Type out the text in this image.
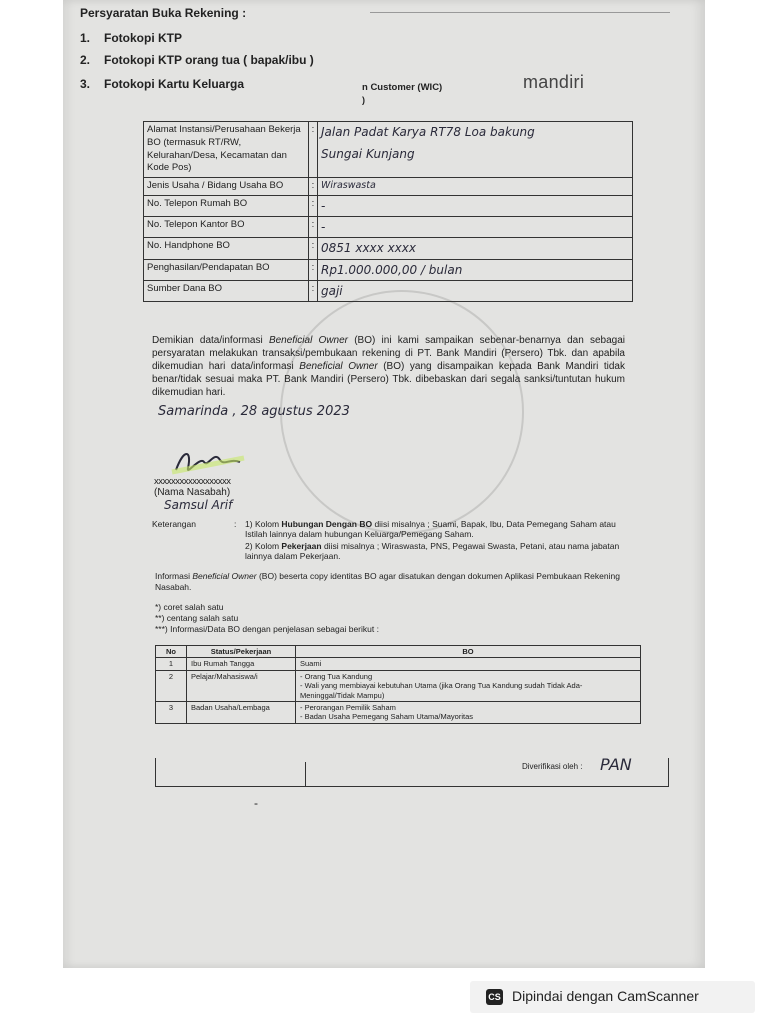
Persyaratan Buka Rekening :
1. Fotokopi KTP
2. Fotokopi KTP orang tua ( bapak/ibu )
3. Fotokopi Kartu Keluarga	n Customer (WIC)
)
mandiri
Alamat Instansi/Perusahaan Bekerja BO (termasuk RT/RW, Kelurahan/Desa, Kecamatan dan Kode Pos)	:	Jalan Padat Karya RT78 Loa bakung
Sungai Kunjang

Jenis Usaha / Bidang Usaha BO	:	Wiraswasta
No. Telepon Rumah BO	:	-
No. Telepon Kantor BO	:	-
No. Handphone BO	:	0851 xxxx xxxx
Penghasilan/Pendapatan BO	:	Rp1.000.000,00 / bulan
Sumber Dana BO	:	gaji
Demikian data/informasi Beneficial Owner (BO) ini kami sampaikan sebenar-benarnya dan sebagai persyaratan melakukan transaksi/pembukaan rekening di PT. Bank Mandiri (Persero) Tbk. dan apabila dikemudian hari data/informasi Beneficial Owner (BO) yang disampaikan kepada Bank Mandiri tidak benar/tidak sesuai maka PT. Bank Mandiri (Persero) Tbk. dibebaskan dari segala sanksi/tuntutan hukum dikemudian hari.
Samarinda , 28 agustus 2023
xxxxxxxxxxxxxxxxxx
(Nama Nasabah)
Samsul Arif
Keterangan	: 1) Kolom Hubungan Dengan BO diisi misalnya ; Suami, Bapak, Ibu, Data Pemegang Saham atau Istilah lainnya dalam hubungan Keluarga/Pemegang Saham.
2) Kolom Pekerjaan diisi misalnya ; Wiraswasta, PNS, Pegawai Swasta, Petani, atau nama jabatan lainnya dalam Pekerjaan.
Informasi Beneficial Owner (BO) beserta copy identitas BO agar disatukan dengan dokumen Aplikasi Pembukaan Rekening Nasabah.
*) coret salah satu
**) centang salah satu
***) Informasi/Data BO dengan penjelasan sebagai berikut :
No	Status/Pekerjaan	BO
1	Ibu Rumah Tangga	Suami
2	Pelajar/Mahasiswa/i	- Orang Tua Kandung
- Wali yang membiayai kebutuhan Utama (jika Orang Tua Kandung sudah Tidak Ada-Meninggal/Tidak Mampu)

3	Badan Usaha/Lembaga	- Perorangan Pemilik Saham
- Badan Usaha Pemegang Saham Utama/Mayoritas
Diverifikasi oleh : PAN
-
CS Dipindai dengan CamScanner
